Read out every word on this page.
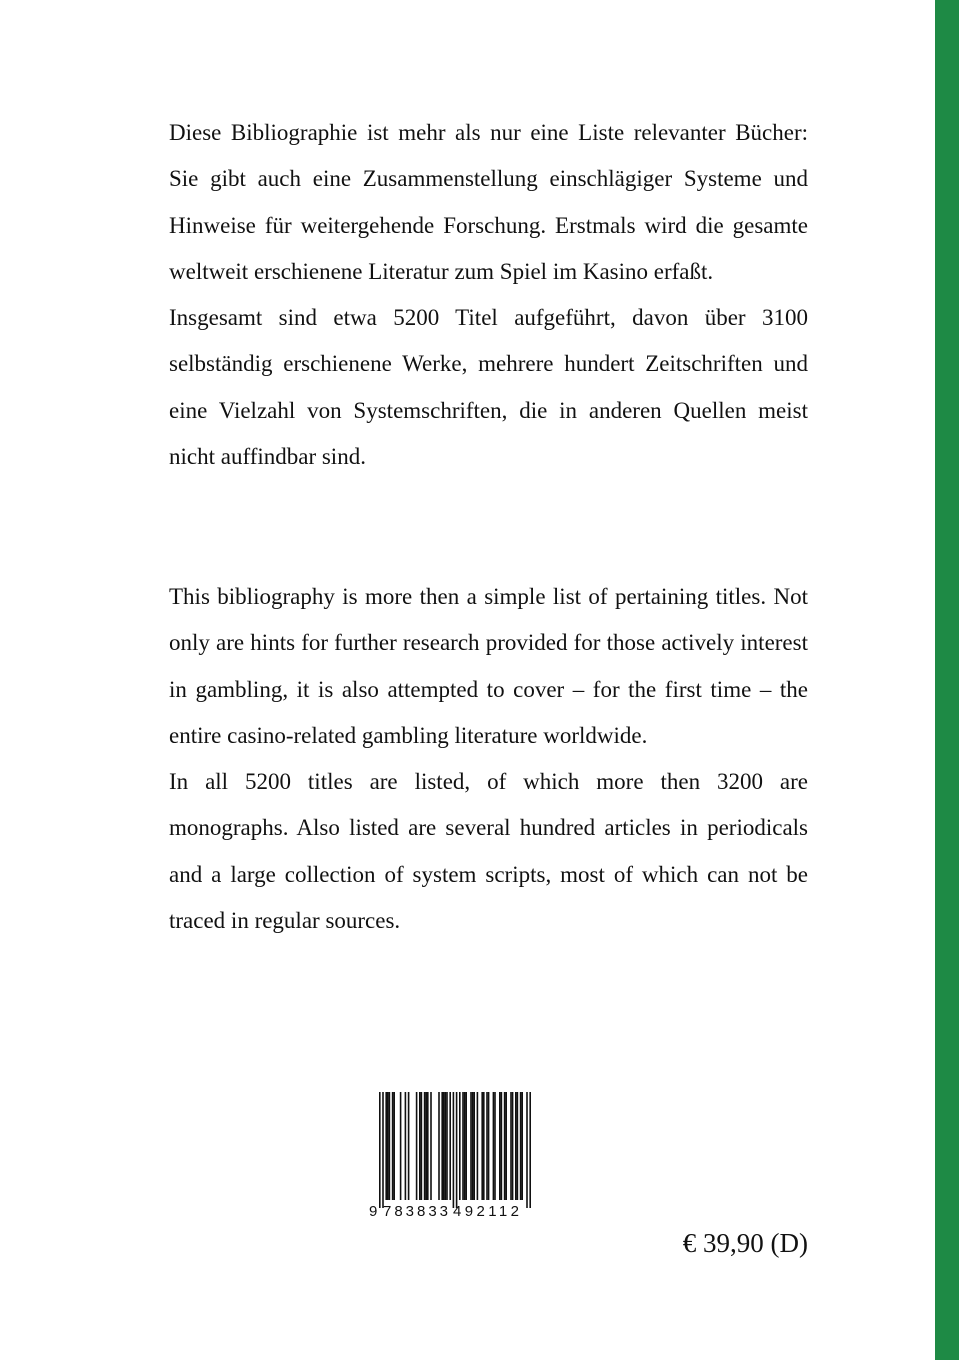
Diese Bibliographie ist mehr als nur eine Liste relevanter Bücher: Sie gibt auch eine Zusammenstellung einschlägiger Systeme und Hinweise für weitergehende Forschung. Erstmals wird die gesamte weltweit erschienene Literatur zum Spiel im Kasino erfaßt.

Insgesamt sind etwa 5200 Titel aufgeführt, davon über 3100 selbständig erschienene Werke, mehrere hundert Zeitschriften und eine Vielzahl von Systemschriften, die in anderen Quellen meist nicht auffindbar sind.

This bibliography is more then a simple list of pertaining titles. Not only are hints for further research provided for those actively interest in gambling, it is also attempted to cover – for the first time – the entire casino-related gambling literature worldwide.

In all 5200 titles are listed, of which more then 3200 are monographs. Also listed are several hundred articles in periodicals and a large collection of system scripts, most of which can not be traced in regular sources.

9 783833 492112
€ 39,90 (D)
